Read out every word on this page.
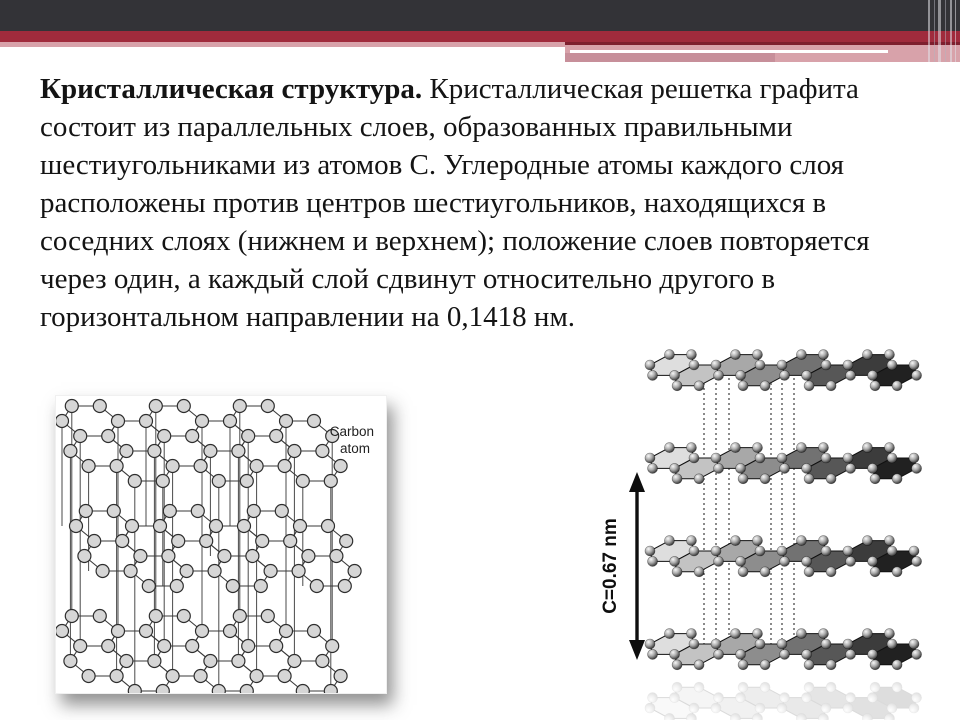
Кристаллическая структура. Кристаллическая решетка графита состоит из параллельных слоев, образованных правильными шестиугольниками из атомов C. Углеродные атомы каждого слоя расположены против центров шестиугольников, находящихся в соседних слоях (нижнем и верхнем); положение слоев повторяется через один, а каждый слой сдвинут относительно другого в горизонтальном направлении на 0,1418 нм.

Carbon
atom
C=0.67 nm
